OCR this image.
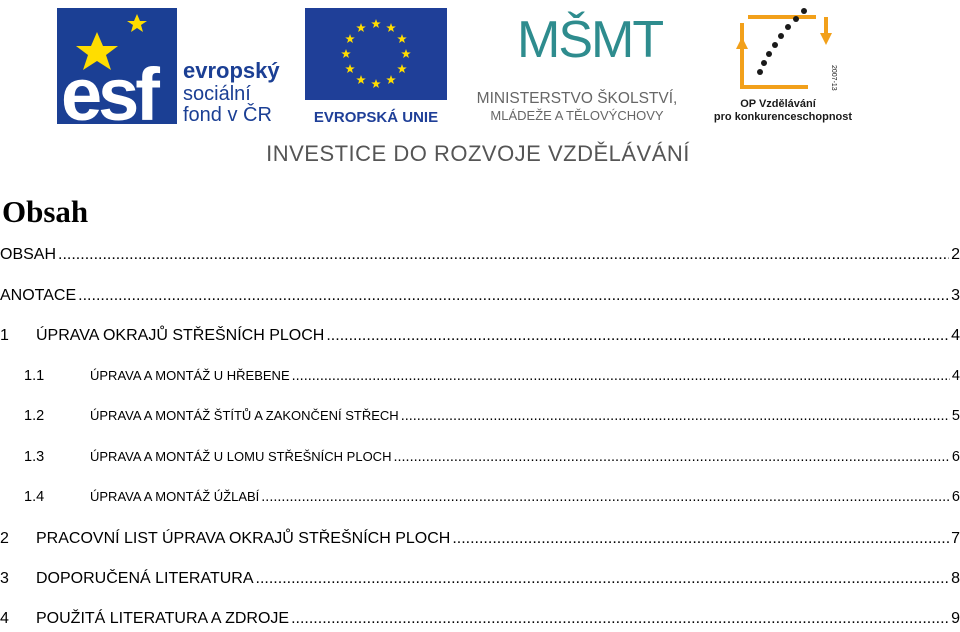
esf evropský
sociální
fond v ČR	EVROPSKÁ UNIE
MŠMT
MINISTERSTVO ŠKOLSTVÍ,
MLÁDEŽE A TĚLOVÝCHOVY
2007-13
OP Vzdělávání
pro konkurenceschopnost
INVESTICE DO ROZVOJE VZDĚLÁVÁNÍ
Obsah
OBSAH .....	2
ANOTACE .....	3
1	ÚPRAVA OKRAJŮ STŘEŠNÍCH PLOCH .....	4
1.1	ÚPRAVA A MONTÁŽ U HŘEBENE .....	4
1.2	ÚPRAVA A MONTÁŽ ŠTÍTŮ A ZAKONČENÍ STŘECH .....	5
1.3	ÚPRAVA A MONTÁŽ U LOMU STŘEŠNÍCH PLOCH .....	6
1.4	ÚPRAVA A MONTÁŽ ÚŽLABÍ .....	6
2	PRACOVNÍ LIST ÚPRAVA OKRAJŮ STŘEŠNÍCH PLOCH .....	7
3	DOPORUČENÁ LITERATURA .....	8
4	POUŽITÁ LITERATURA A ZDROJE .....	9
